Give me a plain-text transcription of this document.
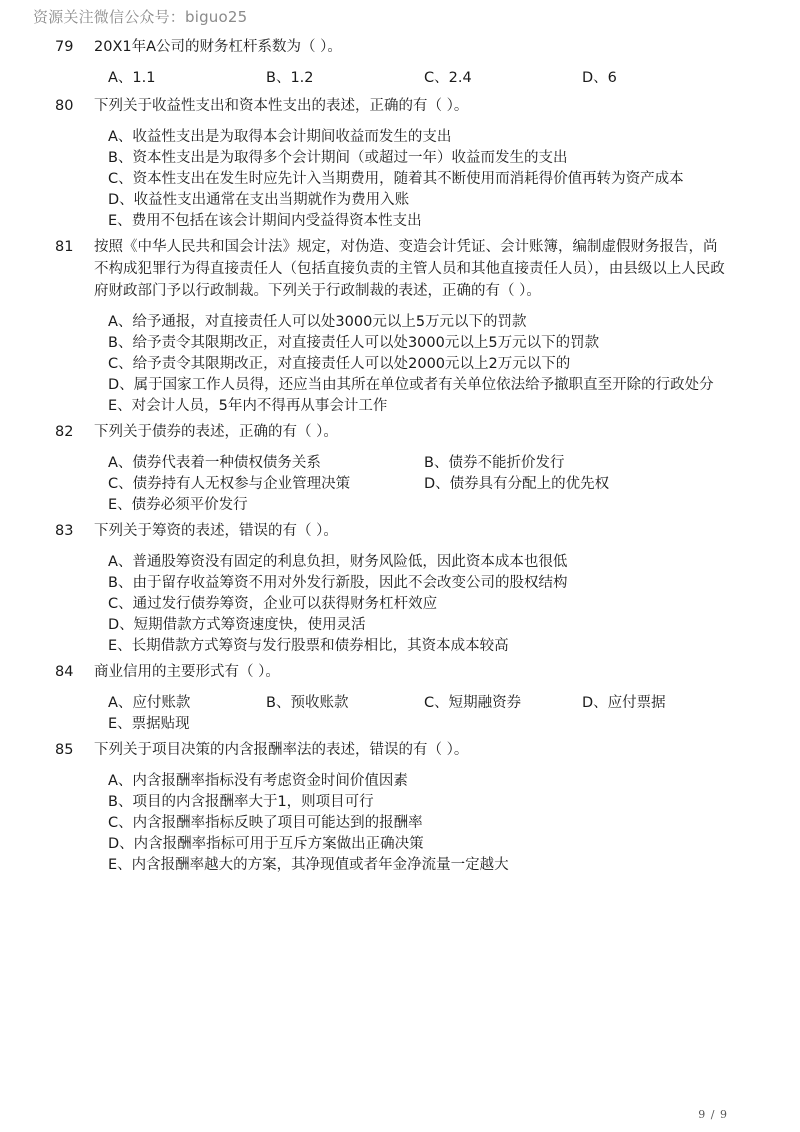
资源关注微信公众号：biguo25
79 20X1年A公司的财务杠杆系数为（ ）。
A、1.1	B、1.2	C、2.4	D、6
80 下列关于收益性支出和资本性支出的表述，正确的有（ ）。
A、收益性支出是为取得本会计期间收益而发生的支出
B、资本性支出是为取得多个会计期间（或超过一年）收益而发生的支出
C、资本性支出在发生时应先计入当期费用，随着其不断使用而消耗得价值再转为资产成本
D、收益性支出通常在支出当期就作为费用入账
E、费用不包括在该会计期间内受益得资本性支出
81 按照《中华人民共和国会计法》规定，对伪造、变造会计凭证、会计账簿，编制虚假财务报告，尚不构成犯罪行为得直接责任人（包括直接负责的主管人员和其他直接责任人员），由县级以上人民政府财政部门予以行政制裁。下列关于行政制裁的表述，正确的有（ ）。
A、给予通报，对直接责任人可以处3000元以上5万元以下的罚款
B、给予责令其限期改正，对直接责任人可以处3000元以上5万元以下的罚款
C、给予责令其限期改正，对直接责任人可以处2000元以上2万元以下的
D、属于国家工作人员得，还应当由其所在单位或者有关单位依法给予撤职直至开除的行政处分
E、对会计人员，5年内不得再从事会计工作
82 下列关于债券的表述，正确的有（ ）。
A、债券代表着一种债权债务关系	B、债券不能折价发行
C、债券持有人无权参与企业管理决策	D、债券具有分配上的优先权
E、债券必须平价发行
83 下列关于筹资的表述，错误的有（ ）。
A、普通股筹资没有固定的利息负担，财务风险低，因此资本成本也很低
B、由于留存收益筹资不用对外发行新股，因此不会改变公司的股权结构
C、通过发行债券筹资，企业可以获得财务杠杆效应
D、短期借款方式筹资速度快，使用灵活
E、长期借款方式筹资与发行股票和债券相比，其资本成本较高
84 商业信用的主要形式有（ ）。
A、应付账款	B、预收账款	C、短期融资券	D、应付票据
E、票据贴现
85 下列关于项目决策的内含报酬率法的表述，错误的有（ ）。
A、内含报酬率指标没有考虑资金时间价值因素
B、项目的内含报酬率大于1，则项目可行
C、内含报酬率指标反映了项目可能达到的报酬率
D、内含报酬率指标可用于互斥方案做出正确决策
E、内含报酬率越大的方案，其净现值或者年金净流量一定越大
9 / 9
